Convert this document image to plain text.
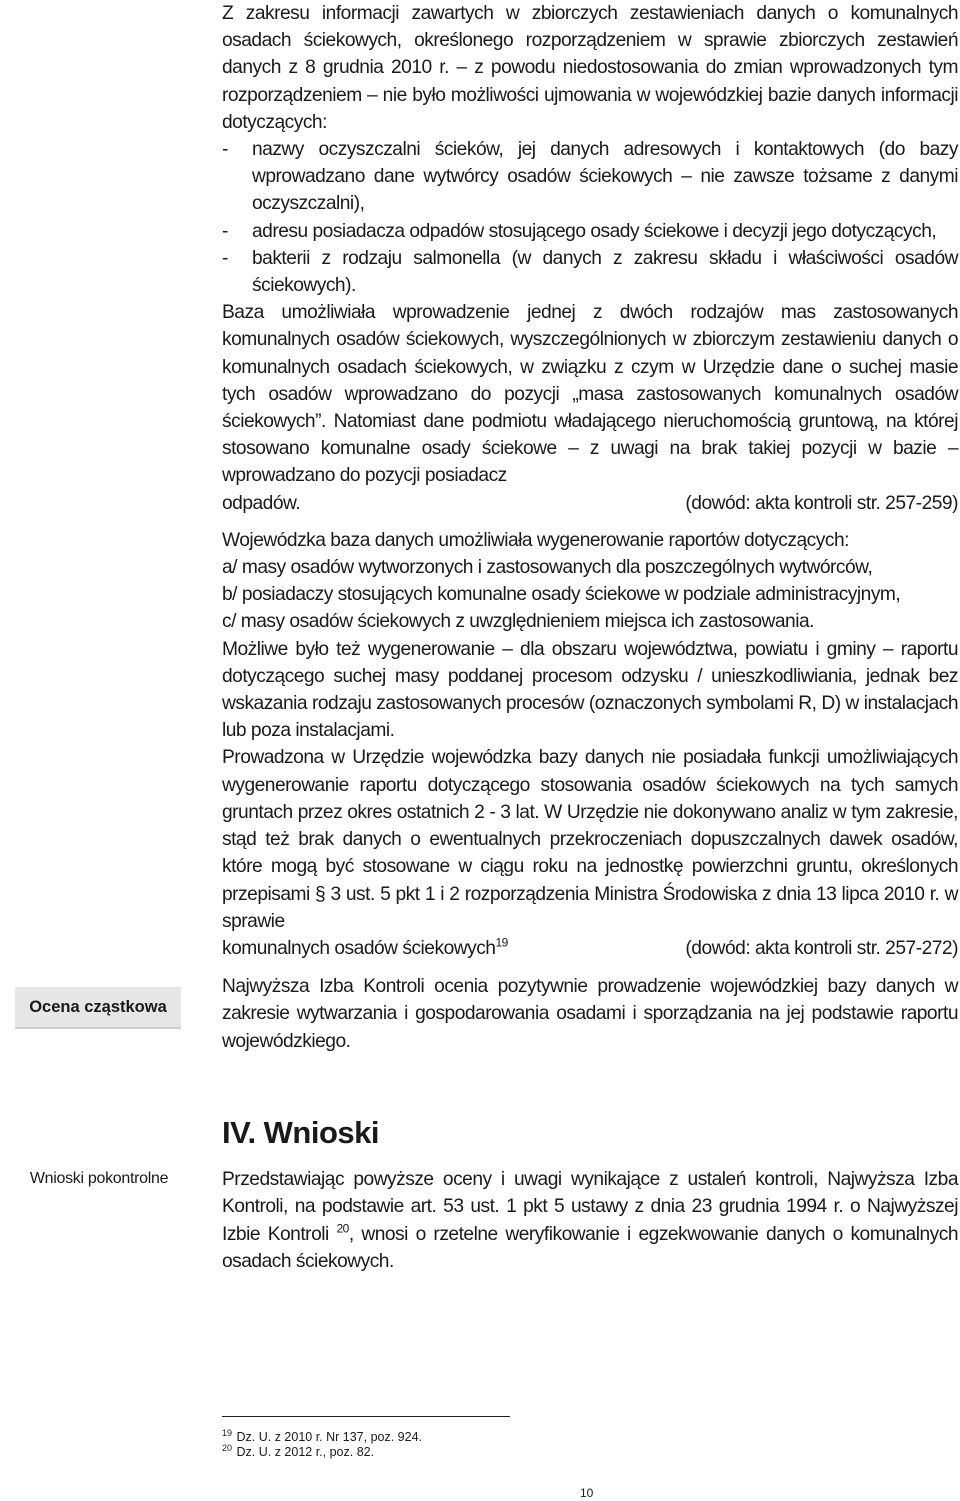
Z zakresu informacji zawartych w zbiorczych zestawieniach danych o komunalnych osadach ściekowych, określonego rozporządzeniem w sprawie zbiorczych zestawień danych z 8 grudnia 2010 r. – z powodu niedostosowania do zmian wprowadzonych tym rozporządzeniem – nie było możliwości ujmowania w wojewódzkiej bazie danych informacji dotyczących:

- nazwy oczyszczalni ścieków, jej danych adresowych i kontaktowych (do bazy wprowadzano dane wytwórcy osadów ściekowych – nie zawsze tożsame z danymi oczyszczalni),
- adresu posiadacza odpadów stosującego osady ściekowe i decyzji jego dotyczących,
- bakterii z rodzaju salmonella (w danych z zakresu składu i właściwości osadów ściekowych).

Baza umożliwiała wprowadzenie jednej z dwóch rodzajów mas zastosowanych komunalnych osadów ściekowych, wyszczególnionych w zbiorczym zestawieniu danych o komunalnych osadach ściekowych, w związku z czym w Urzędzie dane o suchej masie tych osadów wprowadzano do pozycji „masa zastosowanych komunalnych osadów ściekowych”. Natomiast dane podmiotu władającego nieruchomością gruntową, na której stosowano komunalne osady ściekowe – z uwagi na brak takiej pozycji w bazie – wprowadzano do pozycji posiadacz

odpadów.	(dowód: akta kontroli str. 257-259)

Wojewódzka baza danych umożliwiała wygenerowanie raportów dotyczących:

a/ masy osadów wytworzonych i zastosowanych dla poszczególnych wytwórców,

b/ posiadaczy stosujących komunalne osady ściekowe w podziale administracyjnym,

c/ masy osadów ściekowych z uwzględnieniem miejsca ich zastosowania.

Możliwe było też wygenerowanie – dla obszaru województwa, powiatu i gminy – raportu dotyczącego suchej masy poddanej procesom odzysku / unieszkodliwiania, jednak bez wskazania rodzaju zastosowanych procesów (oznaczonych symbolami R, D) w instalacjach lub poza instalacjami.

Prowadzona w Urzędzie wojewódzka bazy danych nie posiadała funkcji umożliwiających wygenerowanie raportu dotyczącego stosowania osadów ściekowych na tych samych gruntach przez okres ostatnich 2 - 3 lat. W Urzędzie nie dokonywano analiz w tym zakresie, stąd też brak danych o ewentualnych przekroczeniach dopuszczalnych dawek osadów, które mogą być stosowane w ciągu roku na jednostkę powierzchni gruntu, określonych przepisami § 3 ust. 5 pkt 1 i 2 rozporządzenia Ministra Środowiska z dnia 13 lipca 2010 r. w sprawie

komunalnych osadów ściekowych$^{19}$	(dowód: akta kontroli str. 257-272)

Najwyższa Izba Kontroli ocenia pozytywnie prowadzenie wojewódzkiej bazy danych w zakresie wytwarzania i gospodarowania osadami i sporządzania na jej podstawie raportu wojewódzkiego.

Ocena cząstkowa
Wnioski pokontrolne
IV. Wnioski

Przedstawiając powyższe oceny i uwagi wynikające z ustaleń kontroli, Najwyższa Izba Kontroli, na podstawie art. 53 ust. 1 pkt 5 ustawy z dnia 23 grudnia 1994 r. o Najwyższej Izbie Kontroli $^{20}$, wnosi o rzetelne weryfikowanie i egzekwowanie danych o komunalnych osadach ściekowych.

$^{19}$ Dz. U. z 2010 r. Nr 137, poz. 924.
$^{20}$ Dz. U. z 2012 r., poz. 82.
10
